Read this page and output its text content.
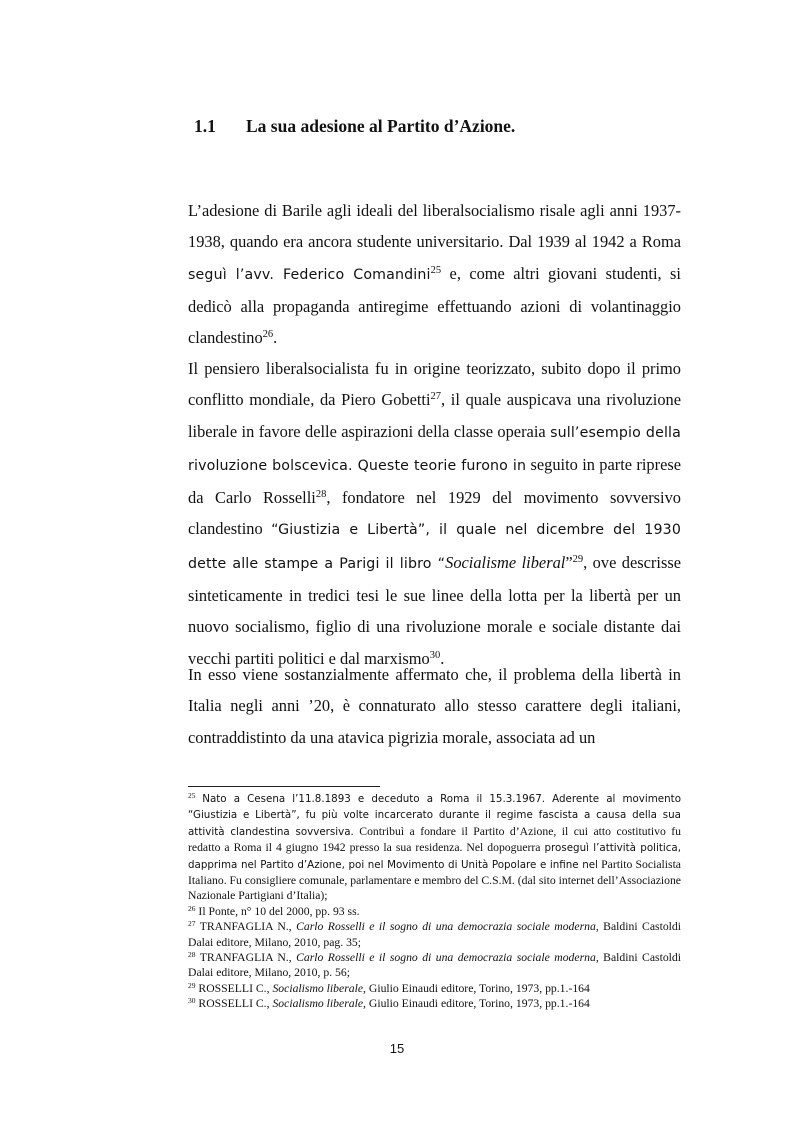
1.1 La sua adesione al Partito d’Azione.

L’adesione di Barile agli ideali del liberalsocialismo risale agli anni 1937-1938, quando era ancora studente universitario. Dal 1939 al 1942 a Roma seguì l’avv. Federico Comandini$^{25}$ e, come altri giovani studenti, si dedicò alla propaganda antiregime effettuando azioni di volantinaggio clandestino$^{26}$.

Il pensiero liberalsocialista fu in origine teorizzato, subito dopo il primo conflitto mondiale, da Piero Gobetti$^{27}$, il quale auspicava una rivoluzione liberale in favore delle aspirazioni della classe operaia sull’esempio della rivoluzione bolscevica. Queste teorie furono in seguito in parte riprese da Carlo Rosselli$^{28}$, fondatore nel 1929 del movimento sovversivo clandestino “Giustizia e Libertà”, il quale nel dicembre del 1930 dette alle stampe a Parigi il libro “Socialisme liberal”$^{29}$, ove descrisse sinteticamente in tredici tesi le sue linee della lotta per la libertà per un nuovo socialismo, figlio di una rivoluzione morale e sociale distante dai vecchi partiti politici e dal marxismo$^{30}$.

In esso viene sostanzialmente affermato che, il problema della libertà in Italia negli anni ’20, è connaturato allo stesso carattere degli italiani, contraddistinto da una atavica pigrizia morale, associata ad un

$^{25}$ Nato a Cesena l’11.8.1893 e deceduto a Roma il 15.3.1967. Aderente al movimento “Giustizia e Libertà”, fu più volte incarcerato durante il regime fascista a causa della sua attività clandestina sovversiva. Contribuì a fondare il Partito d’Azione, il cui atto costitutivo fu redatto a Roma il 4 giugno 1942 presso la sua residenza. Nel dopoguerra proseguì l’attività politica, dapprima nel Partito d’Azione, poi nel Movimento di Unità Popolare e infine nel Partito Socialista Italiano. Fu consigliere comunale, parlamentare e membro del C.S.M. (dal sito internet dell’Associazione Nazionale Partigiani d’Italia);

$^{26}$ Il Ponte, n° 10 del 2000, pp. 93 ss.

$^{27}$ TRANFAGLIA N., Carlo Rosselli e il sogno di una democrazia sociale moderna, Baldini Castoldi Dalai editore, Milano, 2010, pag. 35;

$^{28}$ TRANFAGLIA N., Carlo Rosselli e il sogno di una democrazia sociale moderna, Baldini Castoldi Dalai editore, Milano, 2010, p. 56;

$^{29}$ ROSSELLI C., Socialismo liberale, Giulio Einaudi editore, Torino, 1973, pp.1.-164

$^{30}$ ROSSELLI C., Socialismo liberale, Giulio Einaudi editore, Torino, 1973, pp.1.-164

15
